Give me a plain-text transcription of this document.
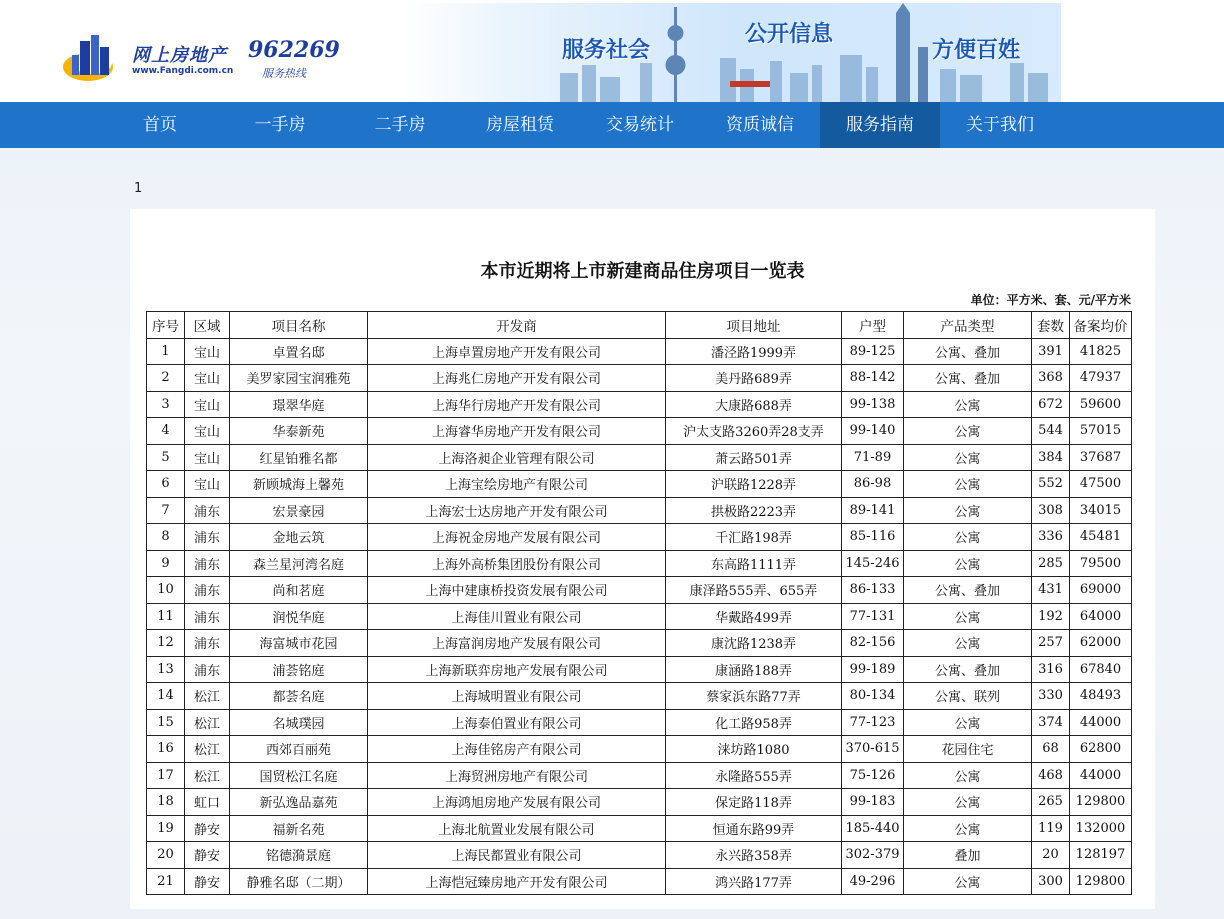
网上房地产
www.Fangdi.com.cn
962269
服务热线
服务社会
公开信息
方便百姓
首页	一手房	二手房	房屋租赁	交易统计	资质诚信	服务指南	关于我们
1
本市近期将上市新建商品住房项目一览表
单位：平方米、套、元/平方米
序号	区域	项目名称	开发商	项目地址	户型	产品类型	套数	备案均价
1	宝山	卓置名邸	上海卓置房地产开发有限公司	潘泾路1999弄	89-125	公寓、叠加	391	41825
2	宝山	美罗家园宝润雅苑	上海兆仁房地产开发有限公司	美丹路689弄	88-142	公寓、叠加	368	47937
3	宝山	璟翠华庭	上海华行房地产开发有限公司	大康路688弄	99-138	公寓	672	59600
4	宝山	华泰新苑	上海睿华房地产开发有限公司	沪太支路3260弄28支弄	99-140	公寓	544	57015
5	宝山	红星铂雅名都	上海洛昶企业管理有限公司	萧云路501弄	71-89	公寓	384	37687
6	宝山	新顾城海上馨苑	上海宝绘房地产有限公司	沪联路1228弄	86-98	公寓	552	47500
7	浦东	宏景豪园	上海宏士达房地产开发有限公司	拱极路2223弄	89-141	公寓	308	34015
8	浦东	金地云筑	上海祝金房地产发展有限公司	千汇路198弄	85-116	公寓	336	45481
9	浦东	森兰星河湾名庭	上海外高桥集团股份有限公司	东高路1111弄	145-246	公寓	285	79500
10	浦东	尚和茗庭	上海中建康桥投资发展有限公司	康泽路555弄、655弄	86-133	公寓、叠加	431	69000
11	浦东	润悦华庭	上海佳川置业有限公司	华戴路499弄	77-131	公寓	192	64000
12	浦东	海富城市花园	上海富润房地产发展有限公司	康沈路1238弄	82-156	公寓	257	62000
13	浦东	浦荟铭庭	上海新联弈房地产发展有限公司	康涵路188弄	99-189	公寓、叠加	316	67840
14	松江	都荟名庭	上海城明置业有限公司	蔡家浜东路77弄	80-134	公寓、联列	330	48493
15	松江	名城璞园	上海泰伯置业有限公司	化工路958弄	77-123	公寓	374	44000
16	松江	西郊百丽苑	上海佳铭房产有限公司	涞坊路1080	370-615	花园住宅	68	62800
17	松江	国贸松江名庭	上海贸洲房地产有限公司	永隆路555弄	75-126	公寓	468	44000
18	虹口	新弘逸品嘉苑	上海鸿旭房地产发展有限公司	保定路118弄	99-183	公寓	265	129800
19	静安	福新名苑	上海北航置业发展有限公司	恒通东路99弄	185-440	公寓	119	132000
20	静安	铭德漪景庭	上海民都置业有限公司	永兴路358弄	302-379	叠加	20	128197
21	静安	静雅名邸（二期）	上海恺冠臻房地产开发有限公司	鸿兴路177弄	49-296	公寓	300	129800
